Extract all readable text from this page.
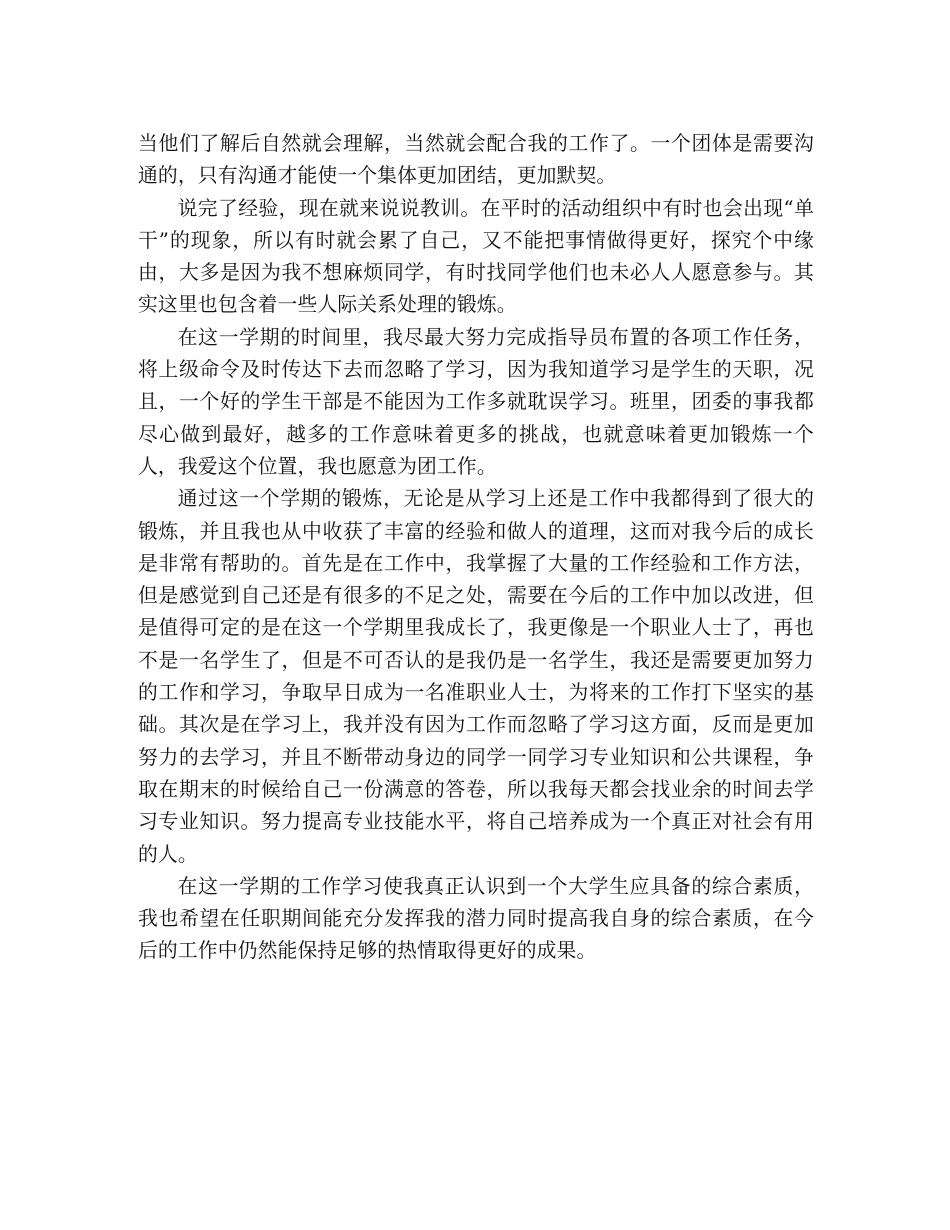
当他们了解后自然就会理解，当然就会配合我的工作了。一个团体是需要沟通的，只有沟通才能使一个集体更加团结，更加默契。

说完了经验，现在就来说说教训。在平时的活动组织中有时也会出现“单干”的现象，所以有时就会累了自己，又不能把事情做得更好，探究个中缘由，大多是因为我不想麻烦同学，有时找同学他们也未必人人愿意参与。其实这里也包含着一些人际关系处理的锻炼。

在这一学期的时间里，我尽最大努力完成指导员布置的各项工作任务，将上级命令及时传达下去而忽略了学习，因为我知道学习是学生的天职，况且，一个好的学生干部是不能因为工作多就耽误学习。班里，团委的事我都尽心做到最好，越多的工作意味着更多的挑战，也就意味着更加锻炼一个人，我爱这个位置，我也愿意为团工作。

通过这一个学期的锻炼，无论是从学习上还是工作中我都得到了很大的锻炼，并且我也从中收获了丰富的经验和做人的道理，这而对我今后的成长是非常有帮助的。首先是在工作中，我掌握了大量的工作经验和工作方法，但是感觉到自己还是有很多的不足之处，需要在今后的工作中加以改进，但是值得可定的是在这一个学期里我成长了，我更像是一个职业人士了，再也不是一名学生了，但是不可否认的是我仍是一名学生，我还是需要更加努力的工作和学习，争取早日成为一名准职业人士，为将来的工作打下坚实的基础。其次是在学习上，我并没有因为工作而忽略了学习这方面，反而是更加努力的去学习，并且不断带动身边的同学一同学习专业知识和公共课程，争取在期末的时候给自己一份满意的答卷，所以我每天都会找业余的时间去学习专业知识。努力提高专业技能水平，将自己培养成为一个真正对社会有用的人。

在这一学期的工作学习使我真正认识到一个大学生应具备的综合素质，我也希望在任职期间能充分发挥我的潜力同时提高我自身的综合素质，在今后的工作中仍然能保持足够的热情取得更好的成果。
